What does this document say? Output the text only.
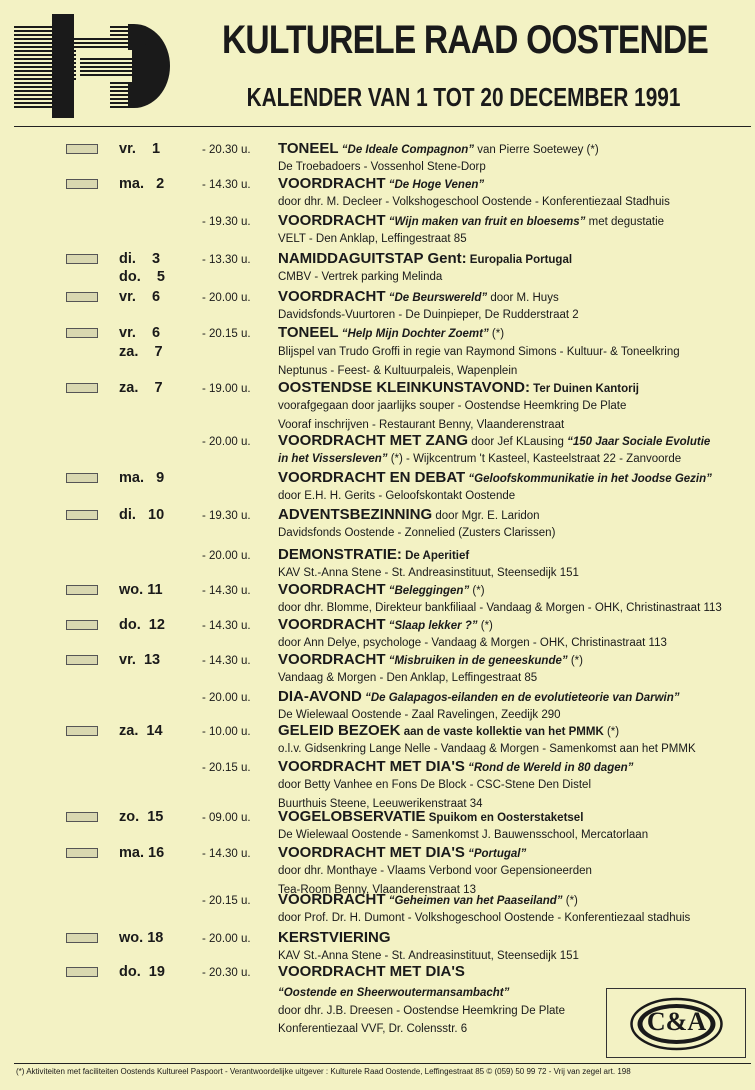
KULTURELE RAAD OOSTENDE
KALENDER VAN 1 TOT 20 DECEMBER 1991
vr.    1	- 20.30 u.	TONEEL “De Ideale Compagnon” van Pierre Soetewey (*)
De Troebadoers - Vossenhol Stene-Dorp
ma.   2	- 14.30 u.	VOORDRACHT “De Hoge Venen”
door dhr. M. Decleer - Volkshogeschool Oostende - Konferentiezaal Stadhuis
- 19.30 u.	VOORDRACHT “Wijn maken van fruit en bloesems” met degustatie
VELT - Den Anklap, Leffingestraat 85
di.    3	- 13.30 u.	NAMIDDAGUITSTAP Gent: Europalia Portugal
do.    5	CMBV - Vertrek parking Melinda
vr.    6	- 20.00 u.	VOORDRACHT “De Beurswereld” door M. Huys
Davidsfonds-Vuurtoren - De Duinpieper, De Rudderstraat 2
vr.    6	- 20.15 u.	TONEEL “Help Mijn Dochter Zoemt” (*)
za.    7	Blijspel van Trudo Groffi in regie van Raymond Simons - Kultuur- & Toneelkring
Neptunus - Feest- & Kultuurpaleis, Wapenplein
za.    7	- 19.00 u.	OOSTENDSE KLEINKUNSTAVOND: Ter Duinen Kantorij
voorafgegaan door jaarlijks souper - Oostendse Heemkring De Plate
Vooraf inschrijven - Restaurant Benny, Vlaanderenstraat
- 20.00 u.	VOORDRACHT MET ZANG door Jef KLausing “150 Jaar Sociale Evolutie
in het Vissersleven” (*) - Wijkcentrum 't Kasteel, Kasteelstraat 22 - Zanvoorde
ma.   9	VOORDRACHT EN DEBAT “Geloofskommunikatie in het Joodse Gezin”
door E.H. H. Gerits - Geloofskontakt Oostende
di.   10	- 19.30 u.	ADVENTSBEZINNING door Mgr. E. Laridon
Davidsfonds Oostende - Zonnelied (Zusters Clarissen)
- 20.00 u.	DEMONSTRATIE: De Aperitief
KAV St.-Anna Stene - St. Andreasinstituut, Steensedijk 151
wo. 11	- 14.30 u.	VOORDRACHT “Beleggingen” (*)
door dhr. Blomme, Direkteur bankfiliaal - Vandaag & Morgen - OHK, Christinastraat 113
do.  12	- 14.30 u.	VOORDRACHT “Slaap lekker ?” (*)
door Ann Delye, psychologe - Vandaag & Morgen - OHK, Christinastraat 113
vr.  13	- 14.30 u.	VOORDRACHT “Misbruiken in de geneeskunde” (*)
Vandaag & Morgen - Den Anklap, Leffingestraat 85
- 20.00 u.	DIA-AVOND “De Galapagos-eilanden en de evolutieteorie van Darwin”
De Wielewaal Oostende - Zaal Ravelingen, Zeedijk 290
za.  14	- 10.00 u.	GELEID BEZOEK aan de vaste kollektie van het PMMK (*)
o.l.v. Gidsenkring Lange Nelle - Vandaag & Morgen - Samenkomst aan het PMMK
- 20.15 u.	VOORDRACHT MET DIA'S “Rond de Wereld in 80 dagen”
door Betty Vanhee en Fons De Block - CSC-Stene Den Distel
Buurthuis Steene, Leeuwerikenstraat 34
zo.  15	- 09.00 u.	VOGELOBSERVATIE Spuikom en Oosterstaketsel
De Wielewaal Oostende - Samenkomst J. Bauwensschool, Mercatorlaan
ma. 16	- 14.30 u.	VOORDRACHT MET DIA'S “Portugal”
door dhr. Monthaye - Vlaams Verbond voor Gepensioneerden
Tea-Room Benny, Vlaanderenstraat 13
- 20.15 u.	VOORDRACHT “Geheimen van het Paaseiland” (*)
door Prof. Dr. H. Dumont - Volkshogeschool Oostende - Konferentiezaal stadhuis
wo. 18	- 20.00 u.	KERSTVIERING
KAV St.-Anna Stene - St. Andreasinstituut, Steensedijk 151
do.  19	- 20.30 u.	VOORDRACHT MET DIA'S
“Oostende en Sheerwoutermansambacht”
door dhr. J.B. Dreesen - Oostendse Heemkring De Plate
Konferentiezaal VVF, Dr. Colensstr. 6	C&A
(*) Aktiviteiten met faciliteiten Oostends Kultureel Paspoort - Verantwoordelijke uitgever : Kulturele Raad Oostende, Leffingestraat 85 © (059) 50 99 72 - Vrij van zegel art. 198
